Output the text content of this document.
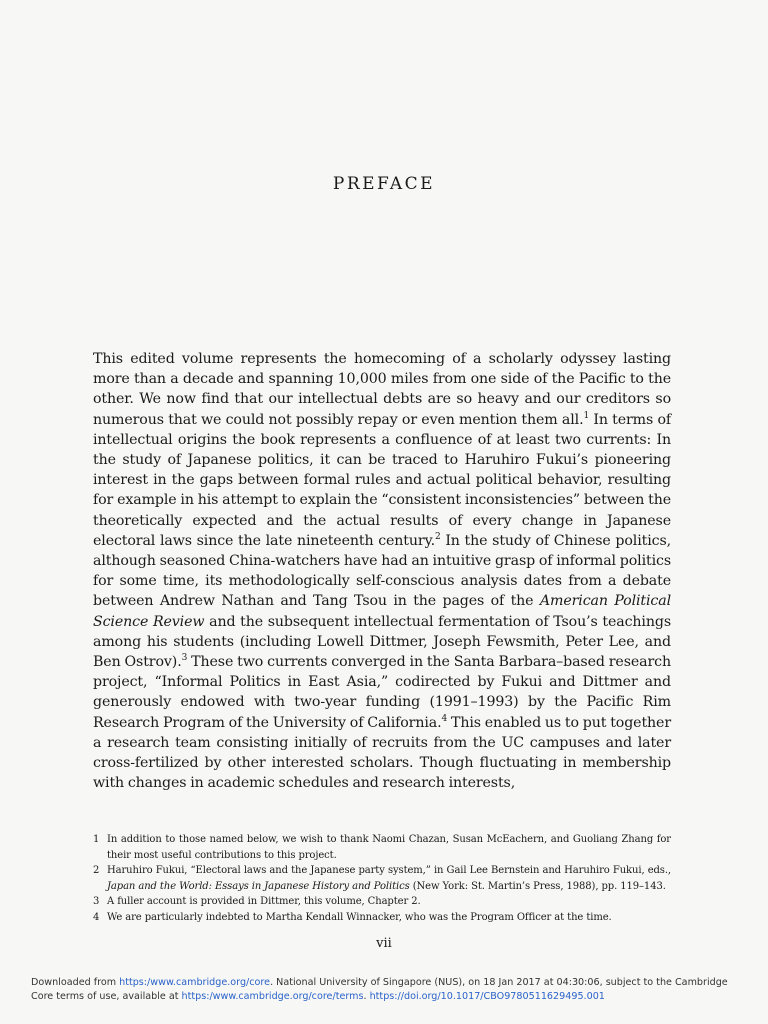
PREFACE
This edited volume represents the homecoming of a scholarly odyssey lasting more than a decade and spanning 10,000 miles from one side of the Pacific to the other. We now find that our intellectual debts are so heavy and our creditors so numerous that we could not possibly repay or even mention them all.$^1$ In terms of intellectual origins the book represents a confluence of at least two currents: In the study of Japanese politics, it can be traced to Haruhiro Fukui’s pioneering interest in the gaps between formal rules and actual political behavior, resulting for example in his attempt to explain the “consistent inconsistencies” between the theoretically expected and the actual results of every change in Japanese electoral laws since the late nineteenth century.$^2$ In the study of Chinese politics, although seasoned China-watchers have had an intuitive grasp of informal politics for some time, its methodologically self-conscious analysis dates from a debate between Andrew Nathan and Tang Tsou in the pages of the American Political Science Review and the subsequent intellectual fermentation of Tsou’s teachings among his students (including Lowell Dittmer, Joseph Fewsmith, Peter Lee, and Ben Ostrov).$^3$ These two currents converged in the Santa Barbara–based research project, “Informal Politics in East Asia,” codirected by Fukui and Dittmer and generously endowed with two-year funding (1991–1993) by the Pacific Rim Research Program of the University of California.$^4$ This enabled us to put together a research team consisting initially of recruits from the UC campuses and later cross-fertilized by other interested scholars. Though fluctuating in membership with changes in academic schedules and research interests,
1 In addition to those named below, we wish to thank Naomi Chazan, Susan McEachern, and Guoliang Zhang for their most useful contributions to this project.
2 Haruhiro Fukui, “Electoral laws and the Japanese party system,” in Gail Lee Bernstein and Haruhiro Fukui, eds., Japan and the World: Essays in Japanese History and Politics (New York: St. Martin’s Press, 1988), pp. 119–143.
3 A fuller account is provided in Dittmer, this volume, Chapter 2.
4 We are particularly indebted to Martha Kendall Winnacker, who was the Program Officer at the time.
vii
Downloaded from https:/www.cambridge.org/core. National University of Singapore (NUS), on 18 Jan 2017 at 04:30:06, subject to the Cambridge
Core terms of use, available at https:/www.cambridge.org/core/terms. https://doi.org/10.1017/CBO9780511629495.001
